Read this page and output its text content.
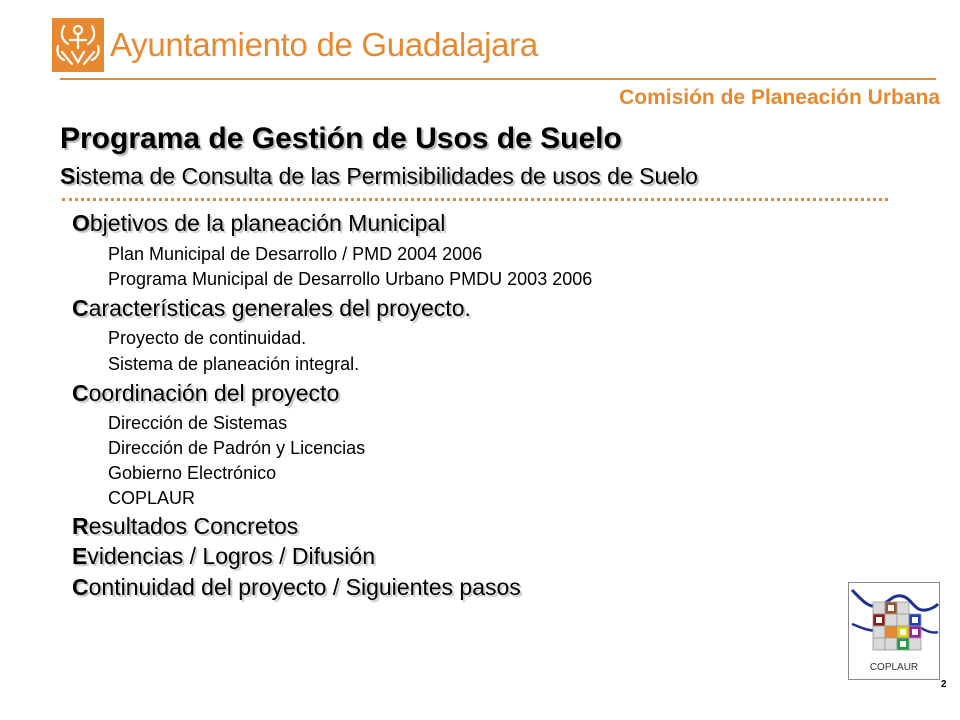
Ayuntamiento de Guadalajara
Comisión de Planeación Urbana
Programa de Gestión de Usos de Suelo
Sistema de Consulta de las Permisibilidades de usos de Suelo
Objetivos de la planeación Municipal
Plan Municipal de Desarrollo / PMD 2004 2006
Programa Municipal de Desarrollo Urbano PMDU 2003 2006
Características generales del proyecto.
Proyecto de continuidad.
Sistema de planeación integral.
Coordinación del proyecto
Dirección de Sistemas
Dirección de Padrón y Licencias
Gobierno Electrónico
COPLAUR
Resultados Concretos
Evidencias / Logros / Difusión
Continuidad del proyecto / Siguientes pasos
COPLAUR
2
